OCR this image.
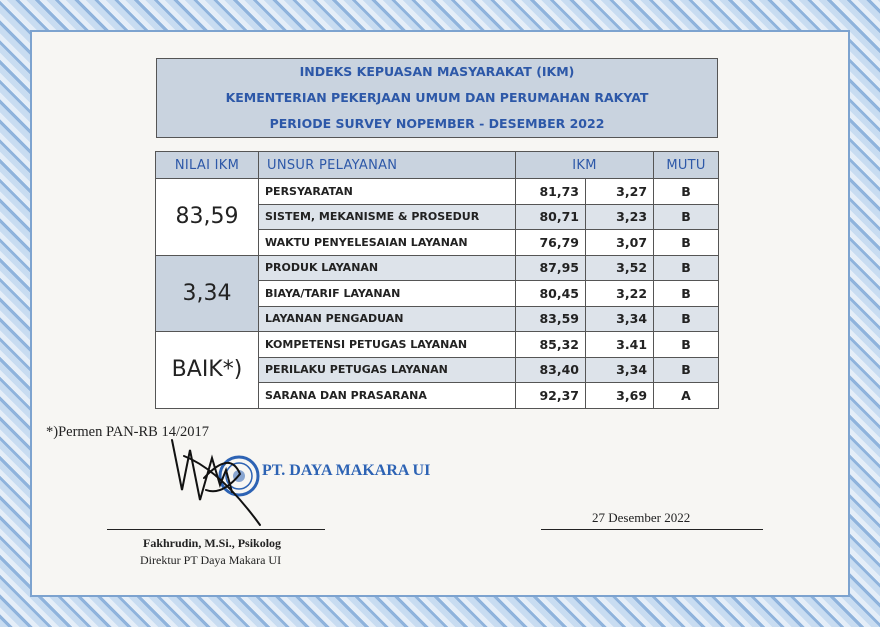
INDEKS KEPUASAN MASYARAKAT (IKM)
KEMENTERIAN PEKERJAAN UMUM DAN PERUMAHAN RAKYAT
PERIODE SURVEY NOPEMBER - DESEMBER 2022
NILAI IKM	UNSUR PELAYANAN	IKM		MUTU
83,59	PERSYARATAN	81,73	3,27	B
	SISTEM, MEKANISME & PROSEDUR	80,71	3,23	B
	WAKTU PENYELESAIAN LAYANAN	76,79	3,07	B
3,34	PRODUK LAYANAN	87,95	3,52	B
	BIAYA/TARIF LAYANAN	80,45	3,22	B
	LAYANAN PENGADUAN	83,59	3,34	B
BAIK*)	KOMPETENSI PETUGAS LAYANAN	85,32	3.41	B
	PERILAKU PETUGAS LAYANAN	83,40	3,34	B
	SARANA DAN PRASARANA	92,37	3,69	A
*)Permen PAN-RB 14/2017
PT. DAYA MAKARA UI
27 Desember 2022
Fakhrudin, M.Si., Psikolog
Direktur PT Daya Makara UI
